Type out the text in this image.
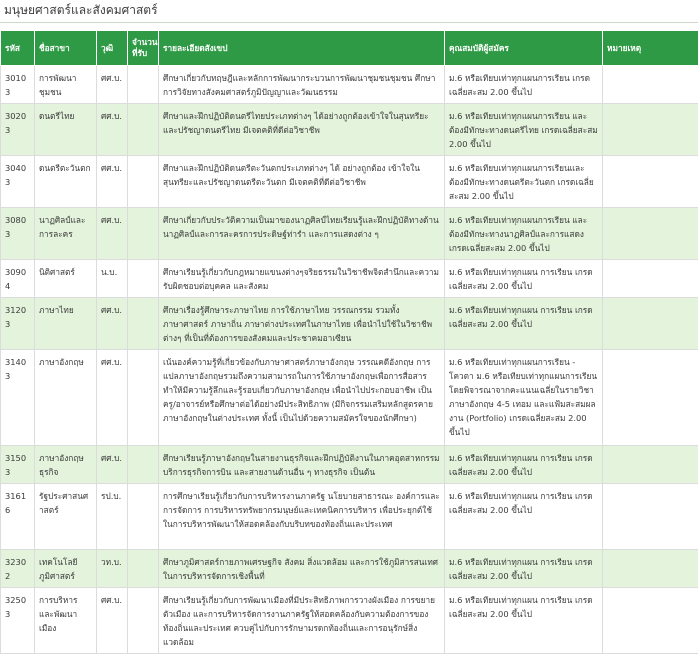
มนุษยศาสตร์และสังคมศาสตร์
รหัส	ชื่อสาขา	วุฒิ	จำนวนที่รับ	รายละเอียดสังเขป	คุณสมบัติผู้สมัคร	หมายเหตุ
30103	การพัฒนาชุมชน	ศศ.บ.		ศึกษาเกี่ยวกับทฤษฎีและหลักการพัฒนากระบวนการพัฒนาชุมชนชุมชน ศึกษาการวิจัยทางสังคมศาสตร์ภูมิปัญญาและวัฒนธรรม	ม.6 หรือเทียบเท่าทุกแผนการเรียน เกรดเฉลี่ยสะสม 2.00 ขึ้นไป	
30203	ดนตรีไทย	ศศ.บ.		ศึกษาและฝึกปฏิบัติดนตรีไทยประเภทต่างๆ ได้อย่างถูกต้องเข้าใจในสุนทรียะและปรัชญาดนตรีไทย มีเจตคติที่ดีต่อวิชาชีพ	ม.6 หรือเทียบเท่าทุกแผนการเรียน และต้องมีทักษะทางดนตรีไทย เกรดเฉลี่ยสะสม 2.00 ขึ้นไป	
30403	ดนตรีตะวันตก	ศศ.บ.		ศึกษาและฝึกปฏิบัติดนตรีตะวันตกประเภทต่างๆ ได้ อย่างถูกต้อง เข้าใจในสุนทรียะและปรัชญาดนตรีตะวันตก มีเจตคติที่ดีต่อวิชาชีพ	ม.6 หรือเทียบเท่าทุกแผนการเรียนและต้องมีทักษะทางดนตรีตะวันตก เกรดเฉลี่ยสะสม 2.00 ขึ้นไป	
30803	นาฏศิลป์และการละคร	ศศ.บ.		ศึกษาเกี่ยวกับประวัติความเป็นมาของนาฏศิลป์ไทยเรียนรู้และฝึกปฏิบัติทางด้านนาฏศิลป์และการละครการประดิษฐ์ท่ารำ และการแสดงต่าง ๆ	ม.6 หรือเทียบเท่าทุกแผนการเรียน และต้องมีทักษะทางนาฏศิลป์และการแสดง เกรดเฉลี่ยสะสม 2.00 ขึ้นไป	
30904	นิติศาสตร์	น.บ.		ศึกษาเรียนรู้เกี่ยวกับกฎหมายแขนงต่างๆจริยธรรมในวิชาชีพจิตสำนึกและความรับผิดชอบต่อบุคคล และสังคม	ม.6 หรือเทียบเท่าทุกแผน การเรียน เกรดเฉลี่ยสะสม 2.00 ขึ้นไป	
31203	ภาษาไทย	ศศ.บ.		ศึกษาเรื่องรู้ศึกษาระภาษาไทย การใช้ภาษาไทย วรรณกรรม รวมทั้งภาษาศาสตร์ ภาษาถิ่น ภาษาต่างประเทศในภาษาไทย เพื่อนำไปใช้ในวิชาชีพต่างๆ ที่เป็นที่ต้องการของสังคมและประชาคมอาเซียน	ม.6 หรือเทียบเท่าทุกแผน การเรียน เกรดเฉลี่ยสะสม 2.00 ขึ้นไป	
31403	ภาษาอังกฤษ	ศศ.บ.		เน้นองค์ความรู้ที่เกี่ยวข้องกับภาษาศาสตร์ภาษาอังกฤษ วรรณคดีอังกฤษ การแปลภาษาอังกฤษรวมถึงความสามารถในการใช้ภาษาอังกฤษเพื่อการสื่อสาร ทำให้มีความรู้ลึกและรู้รอบเกี่ยวกับภาษาอังกฤษ เพื่อนำไปประกอบอาชีพ เป็นครู/อาจารย์หรือศึกษาต่อได้อย่างมีประสิทธิภาพ (มีกิจกรรมเสริมหลักสูตรคายภาษาอังกฤษในต่างประเทศ ทั้งนี้ เป็นไปด้วยความสมัครใจของนักศึกษา)	ม.6 หรือเทียบเท่าทุกแผนการเรียน - โควตา ม.6 หรือเทียบเท่าทุกแผนการเรียน โดยพิจารณาจากคะแนนเฉลี่ยในรายวิชาภาษาอังกฤษ 4-5 เทอม และแฟ้มสะสมผลงาน (Portfolio) เกรดเฉลี่ยสะสม 2.00 ขึ้นไป	
31503	ภาษาอังกฤษธุรกิจ	ศศ.บ.		ศึกษาเรียนรู้ภาษาอังกฤษในสายงานธุรกิจและฝึกปฏิบัติงานในภาคอุตสาหกรรมบริการธุรกิจการบิน และสายงานด้านอื่น ๆ ทางธุรกิจ เป็นต้น	ม.6 หรือเทียบเท่าทุกแผน การเรียน เกรดเฉลี่ยสะสม 2.00 ขึ้นไป	
31616	รัฐประศาสนศาสตร์	รป.บ.		การศึกษาเรียนรู้เกี่ยวกับการบริหารงานภาครัฐ นโยบายสาธารณะ องค์การและการจัดการ การบริหารทรัพยากรมนุษย์และเทคนิคการบริหาร เพื่อประยุกต์ใช้ในการบริหารพัฒนาให้สอดคล้องกับบริบทของท้องถิ่นและประเทศ	ม.6 หรือเทียบเท่าทุกแผน การเรียน เกรดเฉลี่ยสะสม 2.00 ขึ้นไป	
32302	เทคโนโลยีภูมิศาสตร์	วท.บ.		ศึกษาภูมิศาสตร์กายภาพเศรษฐกิจ สังคม สิ่งแวดล้อม และการใช้ภูมิสารสนเทศ ในการบริหารจัดการเชิงพื้นที่	ม.6 หรือเทียบเท่าทุกแผน การเรียน เกรดเฉลี่ยสะสม 2.00 ขึ้นไป	
32503	การบริหารและพัฒนาเมือง	ศศ.บ.		ศึกษาเรียนรู้เกี่ยวกับการพัฒนาเมืองที่มีประสิทธิภาพการวางผังเมือง การขยายตัวเมือง และการบริหารจัดการงานภาครัฐให้สอดคล้องกับความต้องการของท้องถิ่นและประเทศ ควบคู่ไปกับการรักษามรดกท้องถิ่นและการอนุรักษ์สิ่งแวดล้อม	ม.6 หรือเทียบเท่าทุกแผน การเรียน เกรดเฉลี่ยสะสม 2.00 ขึ้นไป	
